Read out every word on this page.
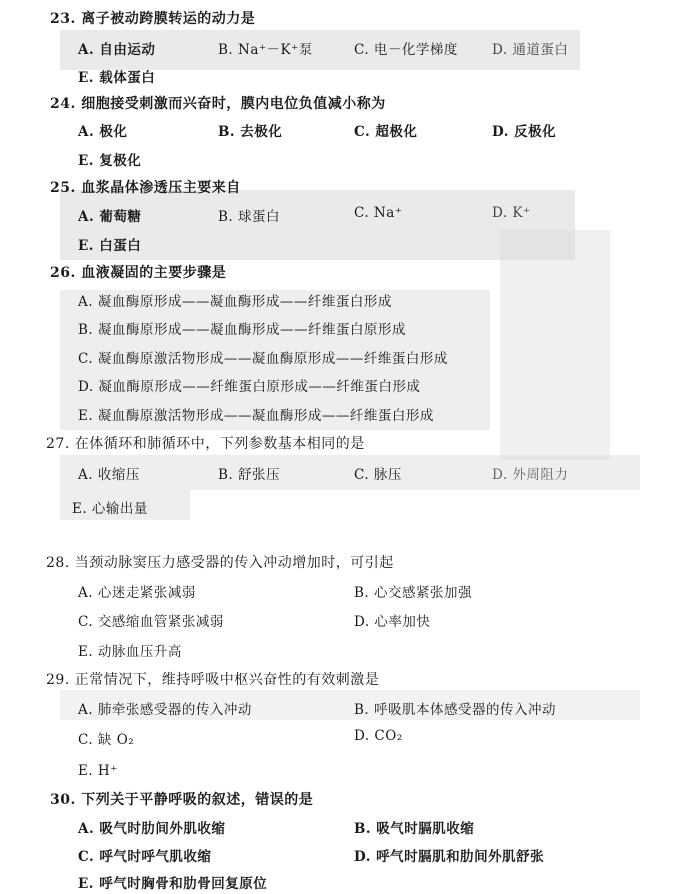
23. 离子被动跨膜转运的动力是
A. 自由运动	B. Na⁺－K⁺泵	C. 电－化学梯度	D. 通道蛋白
E. 载体蛋白
24. 细胞接受刺激而兴奋时，膜内电位负值减小称为
A. 极化	B. 去极化	C. 超极化	D. 反极化
E. 复极化
25. 血浆晶体渗透压主要来自
A. 葡萄糖	B. 球蛋白	C. Na⁺	D. K⁺
E. 白蛋白
26. 血液凝固的主要步骤是
A. 凝血酶原形成——凝血酶形成——纤维蛋白形成
B. 凝血酶原形成——凝血酶形成——纤维蛋白原形成
C. 凝血酶原激活物形成——凝血酶原形成——纤维蛋白形成
D. 凝血酶原形成——纤维蛋白原形成——纤维蛋白形成
E. 凝血酶原激活物形成——凝血酶形成——纤维蛋白形成
27. 在体循环和肺循环中，下列参数基本相同的是
A. 收缩压	B. 舒张压	C. 脉压	D. 外周阻力
E. 心输出量
28. 当颈动脉窦压力感受器的传入冲动增加时，可引起
A. 心迷走紧张减弱	B. 心交感紧张加强
C. 交感缩血管紧张减弱	D. 心率加快
E. 动脉血压升高
29. 正常情况下，维持呼吸中枢兴奋性的有效刺激是
A. 肺牵张感受器的传入冲动	B. 呼吸肌本体感受器的传入冲动
C. 缺 O₂	D. CO₂
E. H⁺
30. 下列关于平静呼吸的叙述，错误的是
A. 吸气时肋间外肌收缩	B. 吸气时膈肌收缩
C. 呼气时呼气肌收缩	D. 呼气时膈肌和肋间外肌舒张
E. 呼气时胸骨和肋骨回复原位
